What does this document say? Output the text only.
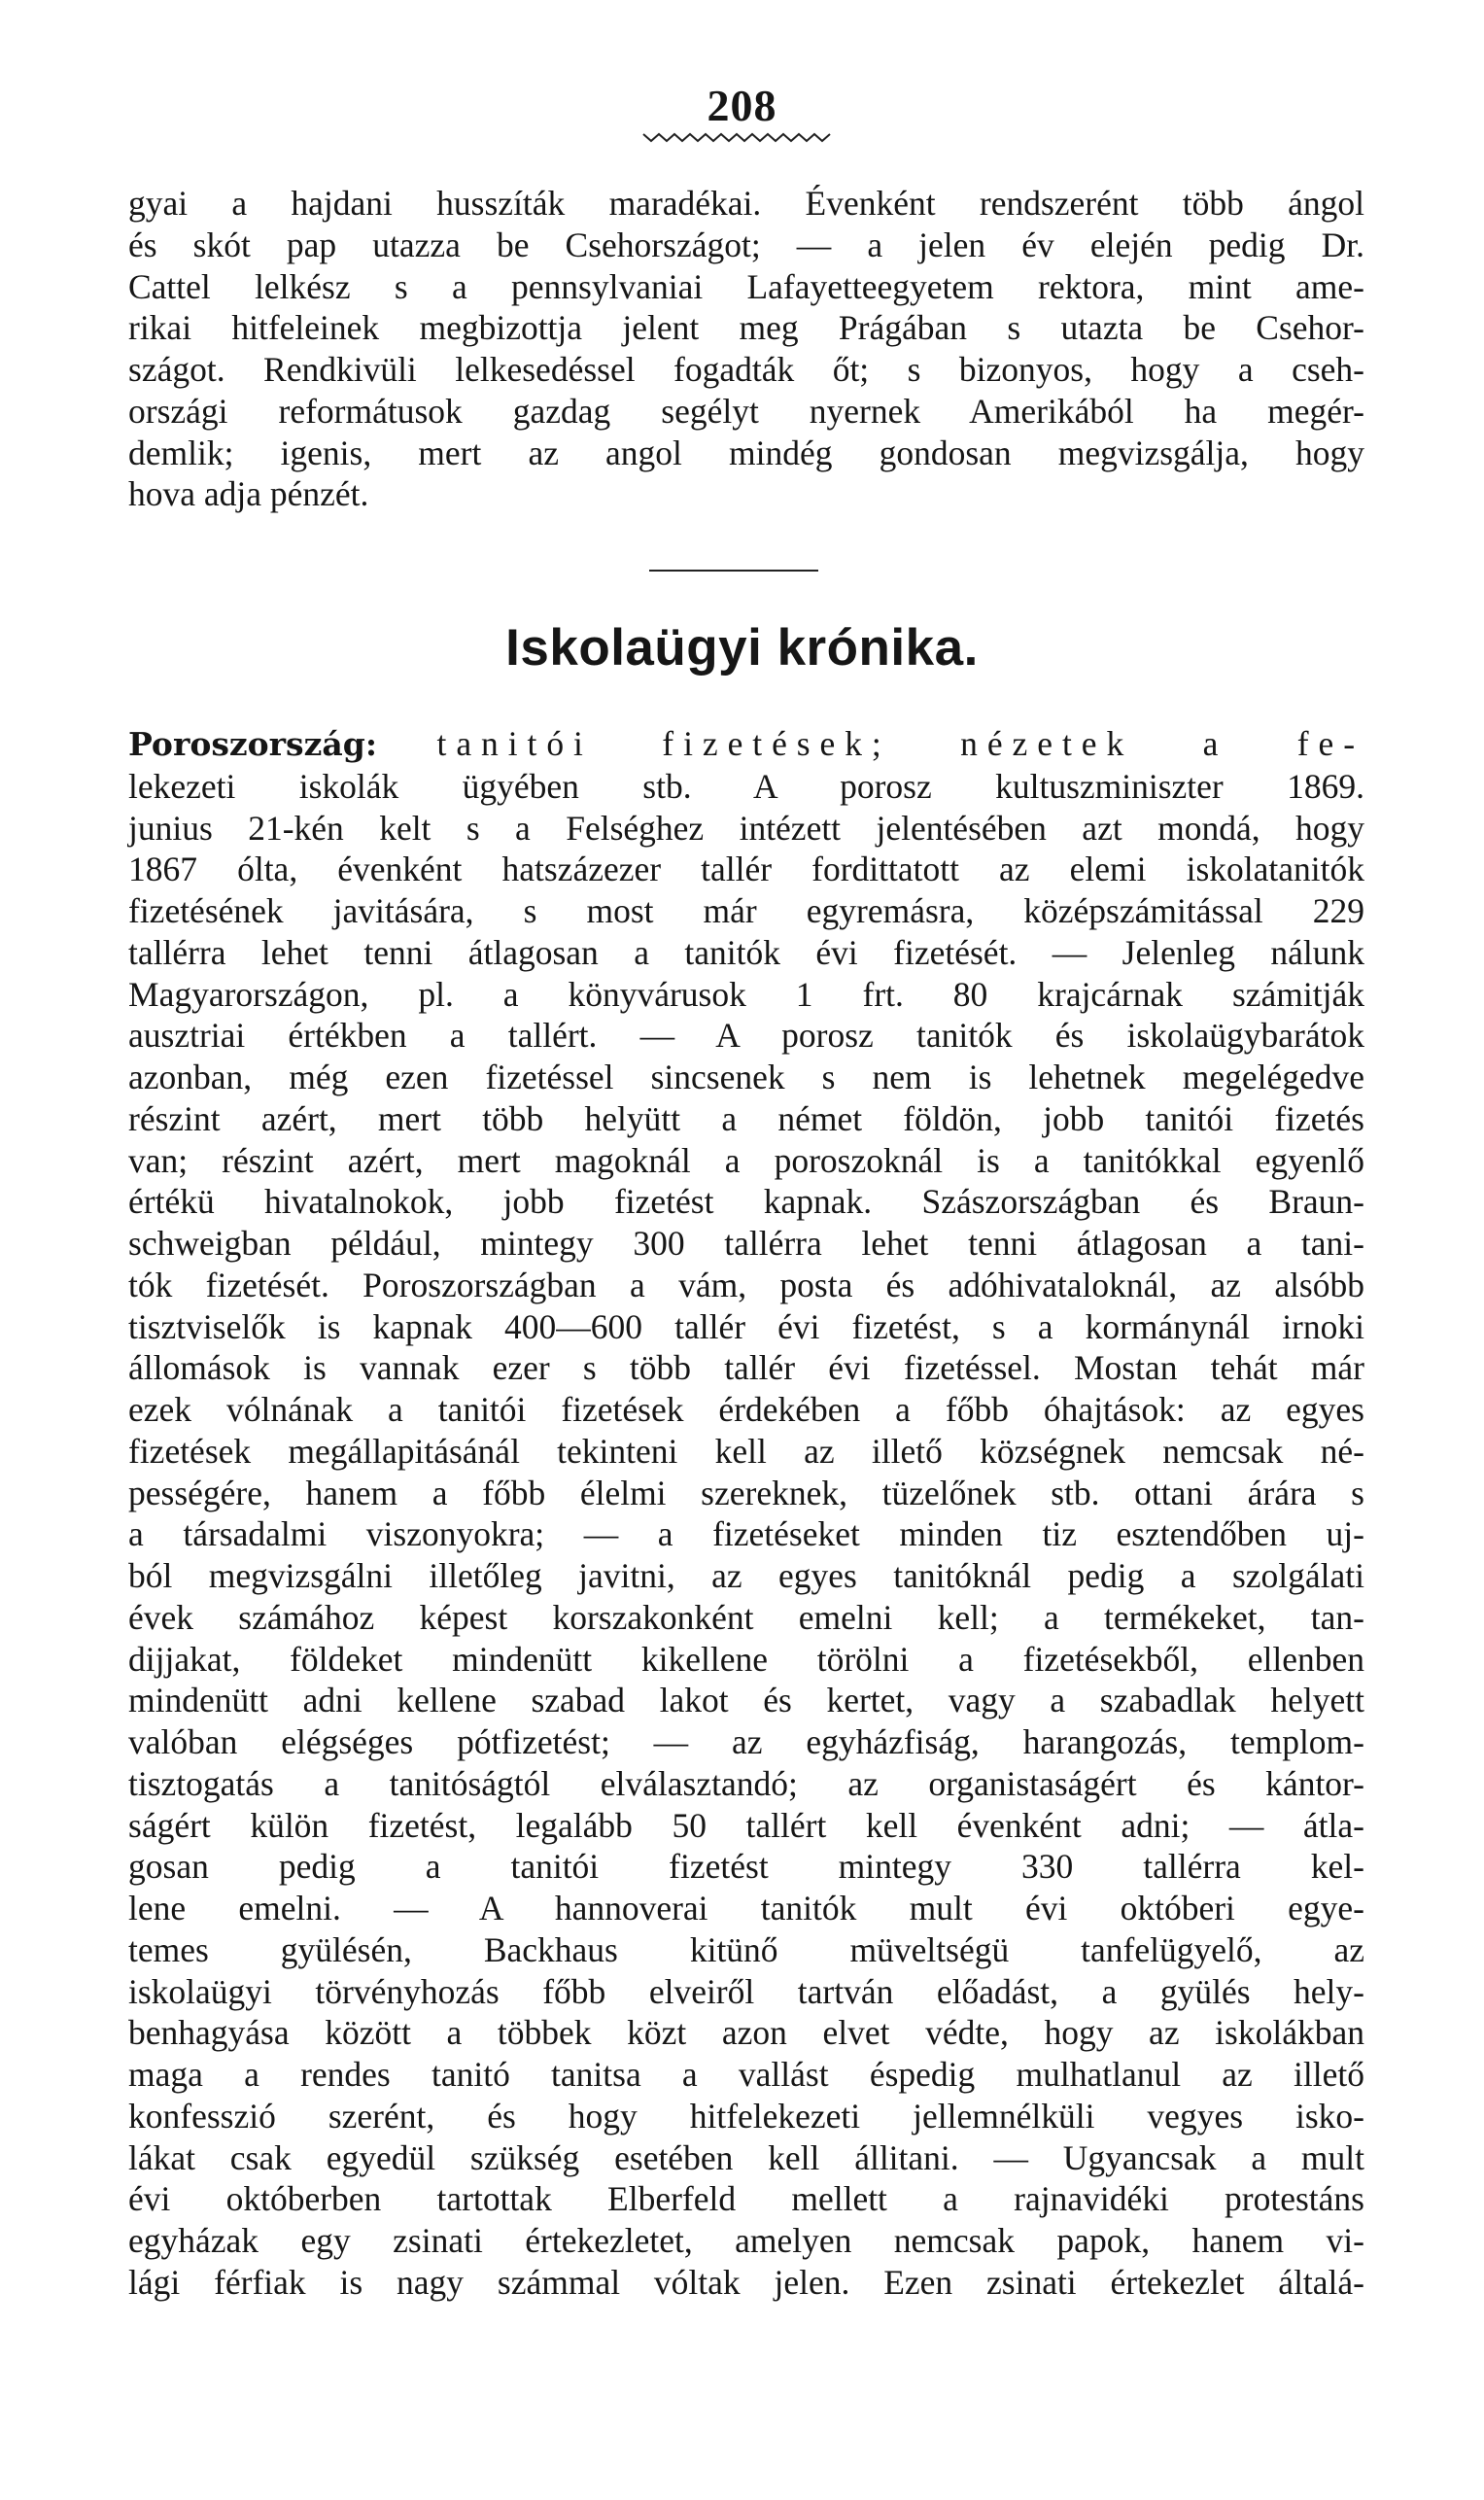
208

gyai a hajdani husszíták maradékai. Évenként rendszerént több ángol
és skót pap utazza be Csehországot; — a jelen év elején pedig Dr.
Cattel lelkész s a pennsylvaniai Lafayetteegyetem rektora, mint ame-
rikai hitfeleinek megbizottja jelent meg Prágában s utazta be Csehor-
szágot. Rendkivüli lelkesedéssel fogadták őt; s bizonyos, hogy a cseh-
országi reformátusok gazdag segélyt nyernek Amerikából ha megér-
demlik; igenis, mert az angol mindég gondosan megvizsgálja, hogy
hova adja pénzét.

Iskolaügyi krónika.

Poroszország: tanitói fizetések; nézetek a fe-
lekezeti iskolák ügyében stb. A porosz kultuszminiszter 1869.
junius 21-kén kelt s a Felséghez intézett jelentésében azt mondá, hogy
1867 ólta, évenként hatszázezer tallér fordittatott az elemi iskolatanitók
fizetésének javitására, s most már egyremásra, középszámitással 229
tallérra lehet tenni átlagosan a tanitók évi fizetését. — Jelenleg nálunk
Magyarországon, pl. a könyvárusok 1 frt. 80 krajcárnak számitják
ausztriai értékben a tallért. — A porosz tanitók és iskolaügybarátok
azonban, még ezen fizetéssel sincsenek s nem is lehetnek megelégedve
részint azért, mert több helyütt a német földön, jobb tanitói fizetés
van; részint azért, mert magoknál a poroszoknál is a tanitókkal egyenlő
értékü hivatalnokok, jobb fizetést kapnak. Szászországban és Braun-
schweigban például, mintegy 300 tallérra lehet tenni átlagosan a tani-
tók fizetését. Poroszországban a vám, posta és adóhivataloknál, az alsóbb
tisztviselők is kapnak 400—600 tallér évi fizetést, s a kormánynál irnoki
állomások is vannak ezer s több tallér évi fizetéssel. Mostan tehát már
ezek vólnának a tanitói fizetések érdekében a főbb óhajtások: az egyes
fizetések megállapitásánál tekinteni kell az illető községnek nemcsak né-
pességére, hanem a főbb élelmi szereknek, tüzelőnek stb. ottani árára s
a társadalmi viszonyokra; — a fizetéseket minden tiz esztendőben uj-
ból megvizsgálni illetőleg javitni, az egyes tanitóknál pedig a szolgálati
évek számához képest korszakonként emelni kell; a termékeket, tan-
dijjakat, földeket mindenütt kikellene törölni a fizetésekből, ellenben
mindenütt adni kellene szabad lakot és kertet, vagy a szabadlak helyett
valóban elégséges pótfizetést; — az egyházfiság, harangozás, templom-
tisztogatás a tanitóságtól elválasztandó; az organistaságért és kántor-
ságért külön fizetést, legalább 50 tallért kell évenként adni; — átla-
gosan pedig a tanitói fizetést mintegy 330 tallérra kel-
lene emelni. — A hannoverai tanitók mult évi októberi egye-
temes gyülésén, Backhaus kitünő müveltségü tanfelügyelő, az
iskolaügyi törvényhozás főbb elveiről tartván előadást, a gyülés hely-
benhagyása között a többek közt azon elvet védte, hogy az iskolákban
maga a rendes tanitó tanitsa a vallást éspedig mulhatlanul az illető
konfesszió szerént, és hogy hitfelekezeti jellemnélküli vegyes isko-
lákat csak egyedül szükség esetében kell állitani. — Ugyancsak a mult
évi októberben tartottak Elberfeld mellett a rajnavidéki protestáns
egyházak egy zsinati értekezletet, amelyen nemcsak papok, hanem vi-
lági férfiak is nagy számmal vóltak jelen. Ezen zsinati értekezlet általá-
